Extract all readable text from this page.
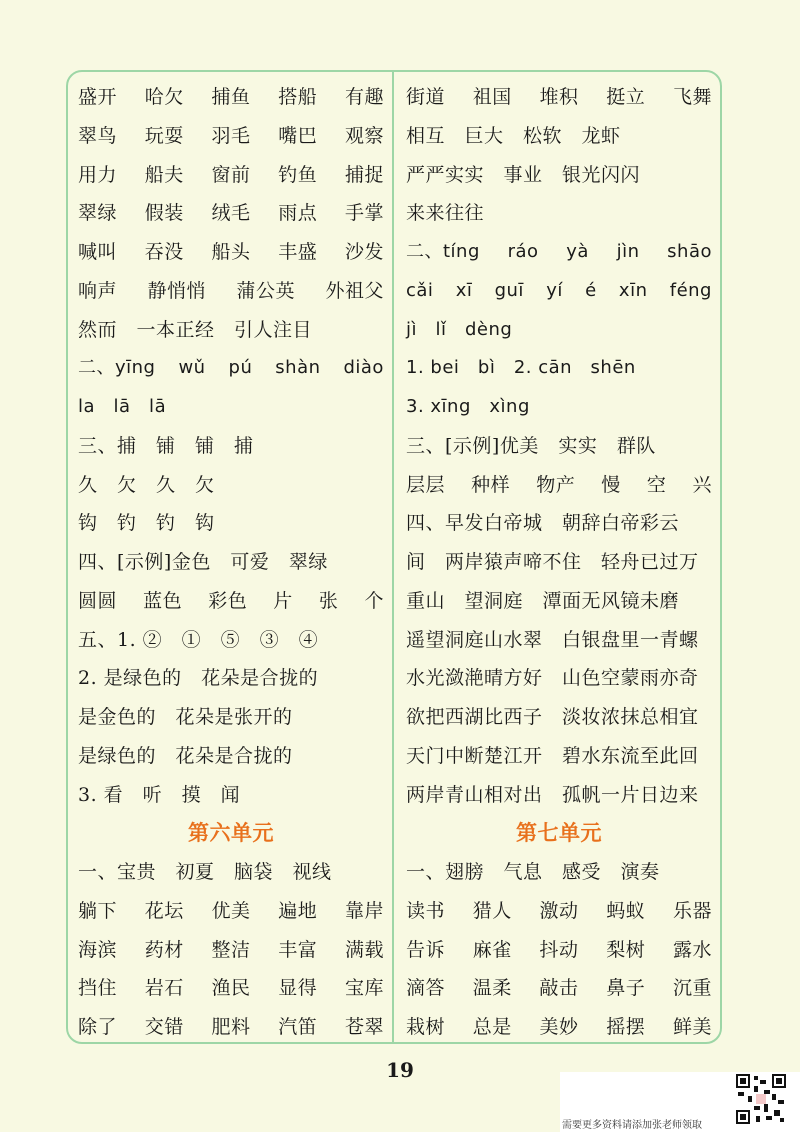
盛开 哈欠 捕鱼 搭船 有趣
翠鸟 玩耍 羽毛 嘴巴 观察
用力 船夫 窗前 钓鱼 捕捉
翠绿 假装 绒毛 雨点 手掌
喊叫 吞没 船头 丰盛 沙发
响声 静悄悄 蒲公英 外祖父
然而　一本正经　引人注目
二、yīng wǔ pú shàn diào
la　lā　lā
三、捕　铺　铺　捕
久　欠　久　欠
钩　钓　钓　钩
四、[示例]金色　可爱　翠绿
圆圆 蓝色 彩色 片 张 个
五、1. ②　①　⑤　③　④
2. 是绿色的　花朵是合拢的
是金色的　花朵是张开的
是绿色的　花朵是合拢的
3. 看　听　摸　闻
第六单元
一、宝贵　初夏　脑袋　视线
躺下 花坛 优美 遍地 靠岸
海滨 药材 整洁 丰富 满载
挡住 岩石 渔民 显得 宝库
除了 交错 肥料 汽笛 苍翠
街道 祖国 堆积 挺立 飞舞
相互　巨大　松软　龙虾
严严实实　事业　银光闪闪
来来往往
二、tíng ráo yà jìn shāo
cǎi xī guī yí é xīn féng
jì　lǐ　dèng
1. bei　bì　2. cān　shēn
3. xīng　xìng
三、[示例]优美　实实　群队
层层 种样 物产 慢 空 兴
四、早发白帝城　朝辞白帝彩云
间　两岸猿声啼不住　轻舟已过万
重山　望洞庭　潭面无风镜未磨
遥望洞庭山水翠　白银盘里一青螺
水光潋滟晴方好　山色空蒙雨亦奇
欲把西湖比西子　淡妆浓抹总相宜
天门中断楚江开　碧水东流至此回
两岸青山相对出　孤帆一片日边来
第七单元
一、翅膀　气息　感受　演奏
读书 猎人 激动 蚂蚁 乐器
告诉 麻雀 抖动 梨树 露水
滴答 温柔 敲击 鼻子 沉重
栽树 总是 美妙 摇摆 鲜美
19
需要更多资料请添加张老师领取
